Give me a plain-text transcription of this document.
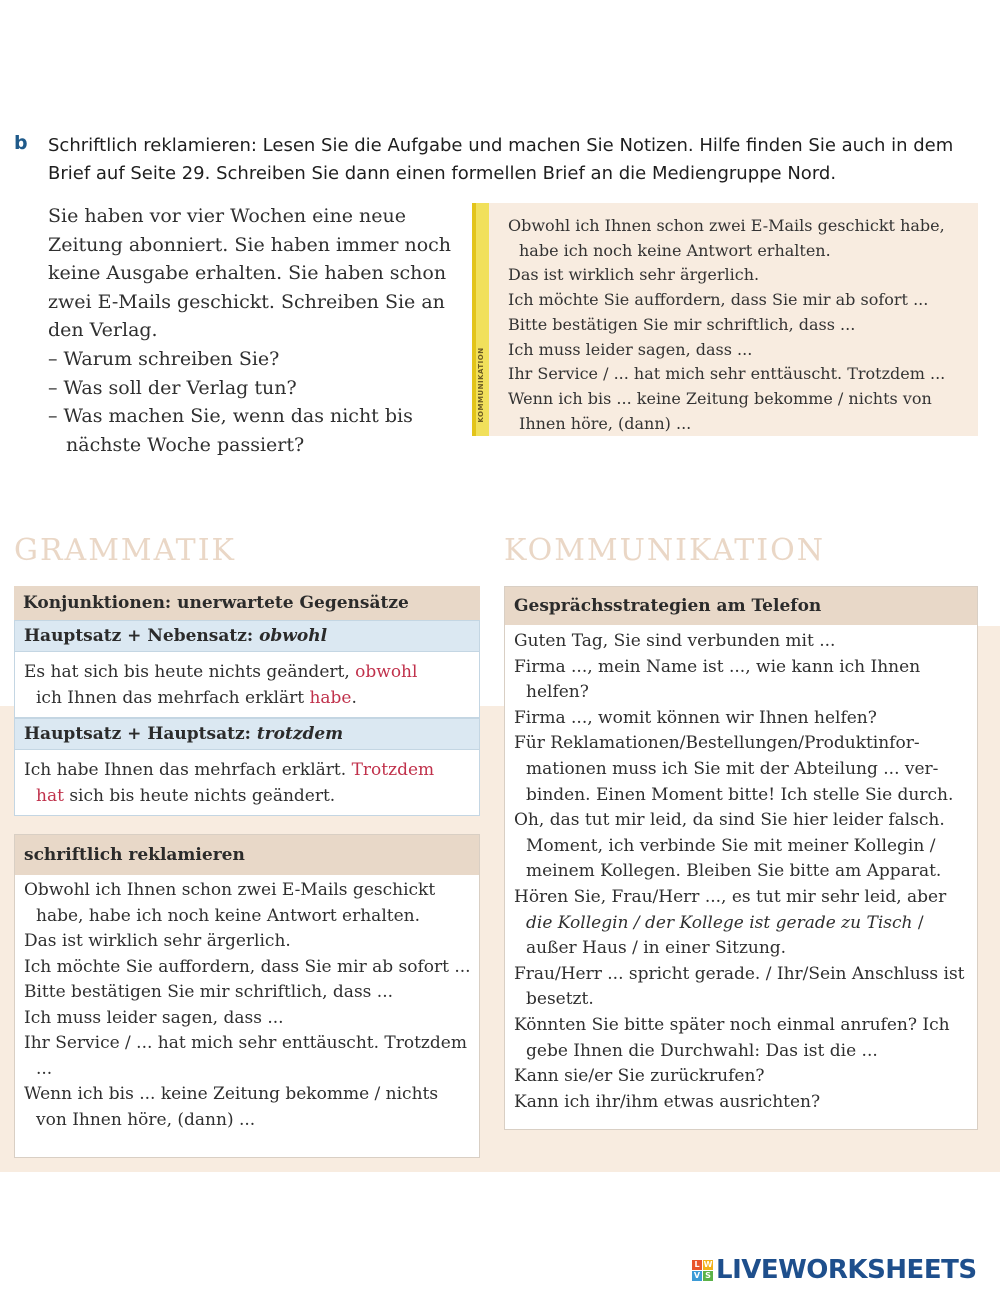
b Schriftlich reklamieren: Lesen Sie die Aufgabe und machen Sie Notizen. Hilfe finden Sie auch in dem Brief auf Seite 29. Schreiben Sie dann einen formellen Brief an die Mediengruppe Nord.
Sie haben vor vier Wochen eine neue Zeitung abonniert. Sie haben immer noch keine Ausgabe erhalten. Sie haben schon zwei E-Mails geschickt. Schreiben Sie an den Verlag.
– Warum schreiben Sie?
– Was soll der Verlag tun?
– Was machen Sie, wenn das nicht bis nächste Woche passiert?
Obwohl ich Ihnen schon zwei E-Mails geschickt habe, habe ich noch keine Antwort erhalten.
Das ist wirklich sehr ärgerlich.
Ich möchte Sie auffordern, dass Sie mir ab sofort ...
Bitte bestätigen Sie mir schriftlich, dass ...
Ich muss leider sagen, dass ...
Ihr Service / ... hat mich sehr enttäuscht. Trotzdem ...
Wenn ich bis ... keine Zeitung bekomme / nichts von Ihnen höre, (dann) ...
KOMMUNIKATION
GRAMMATIK	KOMMUNIKATION
Konjunktionen: unerwartete Gegensätze
Hauptsatz + Nebensatz: obwohl
Es hat sich bis heute nichts geändert, obwohl
ich Ihnen das mehrfach erklärt habe.
Hauptsatz + Hauptsatz: trotzdem
Ich habe Ihnen das mehrfach erklärt. Trotzdem
hat sich bis heute nichts geändert.
schriftlich reklamieren
Obwohl ich Ihnen schon zwei E-Mails geschickt habe, habe ich noch keine Antwort erhalten.
Das ist wirklich sehr ärgerlich.
Ich möchte Sie auffordern, dass Sie mir ab sofort ...
Bitte bestätigen Sie mir schriftlich, dass ...
Ich muss leider sagen, dass ...
Ihr Service / ... hat mich sehr enttäuscht. Trotzdem ...
Wenn ich bis ... keine Zeitung bekomme / nichts von Ihnen höre, (dann) ...
Gesprächsstrategien am Telefon
Guten Tag, Sie sind verbunden mit ...
Firma ..., mein Name ist ..., wie kann ich Ihnen helfen?
Firma ..., womit können wir Ihnen helfen?
Für Reklamationen/Bestellungen/Produktinfor-mationen muss ich Sie mit der Abteilung ... ver-binden. Einen Moment bitte! Ich stelle Sie durch.
Oh, das tut mir leid, da sind Sie hier leider falsch. Moment, ich verbinde Sie mit meiner Kollegin / meinem Kollegen. Bleiben Sie bitte am Apparat.
Hören Sie, Frau/Herr ..., es tut mir sehr leid, aber die Kollegin / der Kollege ist gerade zu Tisch / außer Haus / in einer Sitzung.
Frau/Herr ... spricht gerade. / Ihr/Sein Anschluss ist besetzt.
Könnten Sie bitte später noch einmal anrufen? Ich gebe Ihnen die Durchwahl: Das ist die ...
Kann sie/er Sie zurückrufen?
Kann ich ihr/ihm etwas ausrichten?
L W
V S LIVEWORKSHEETS
